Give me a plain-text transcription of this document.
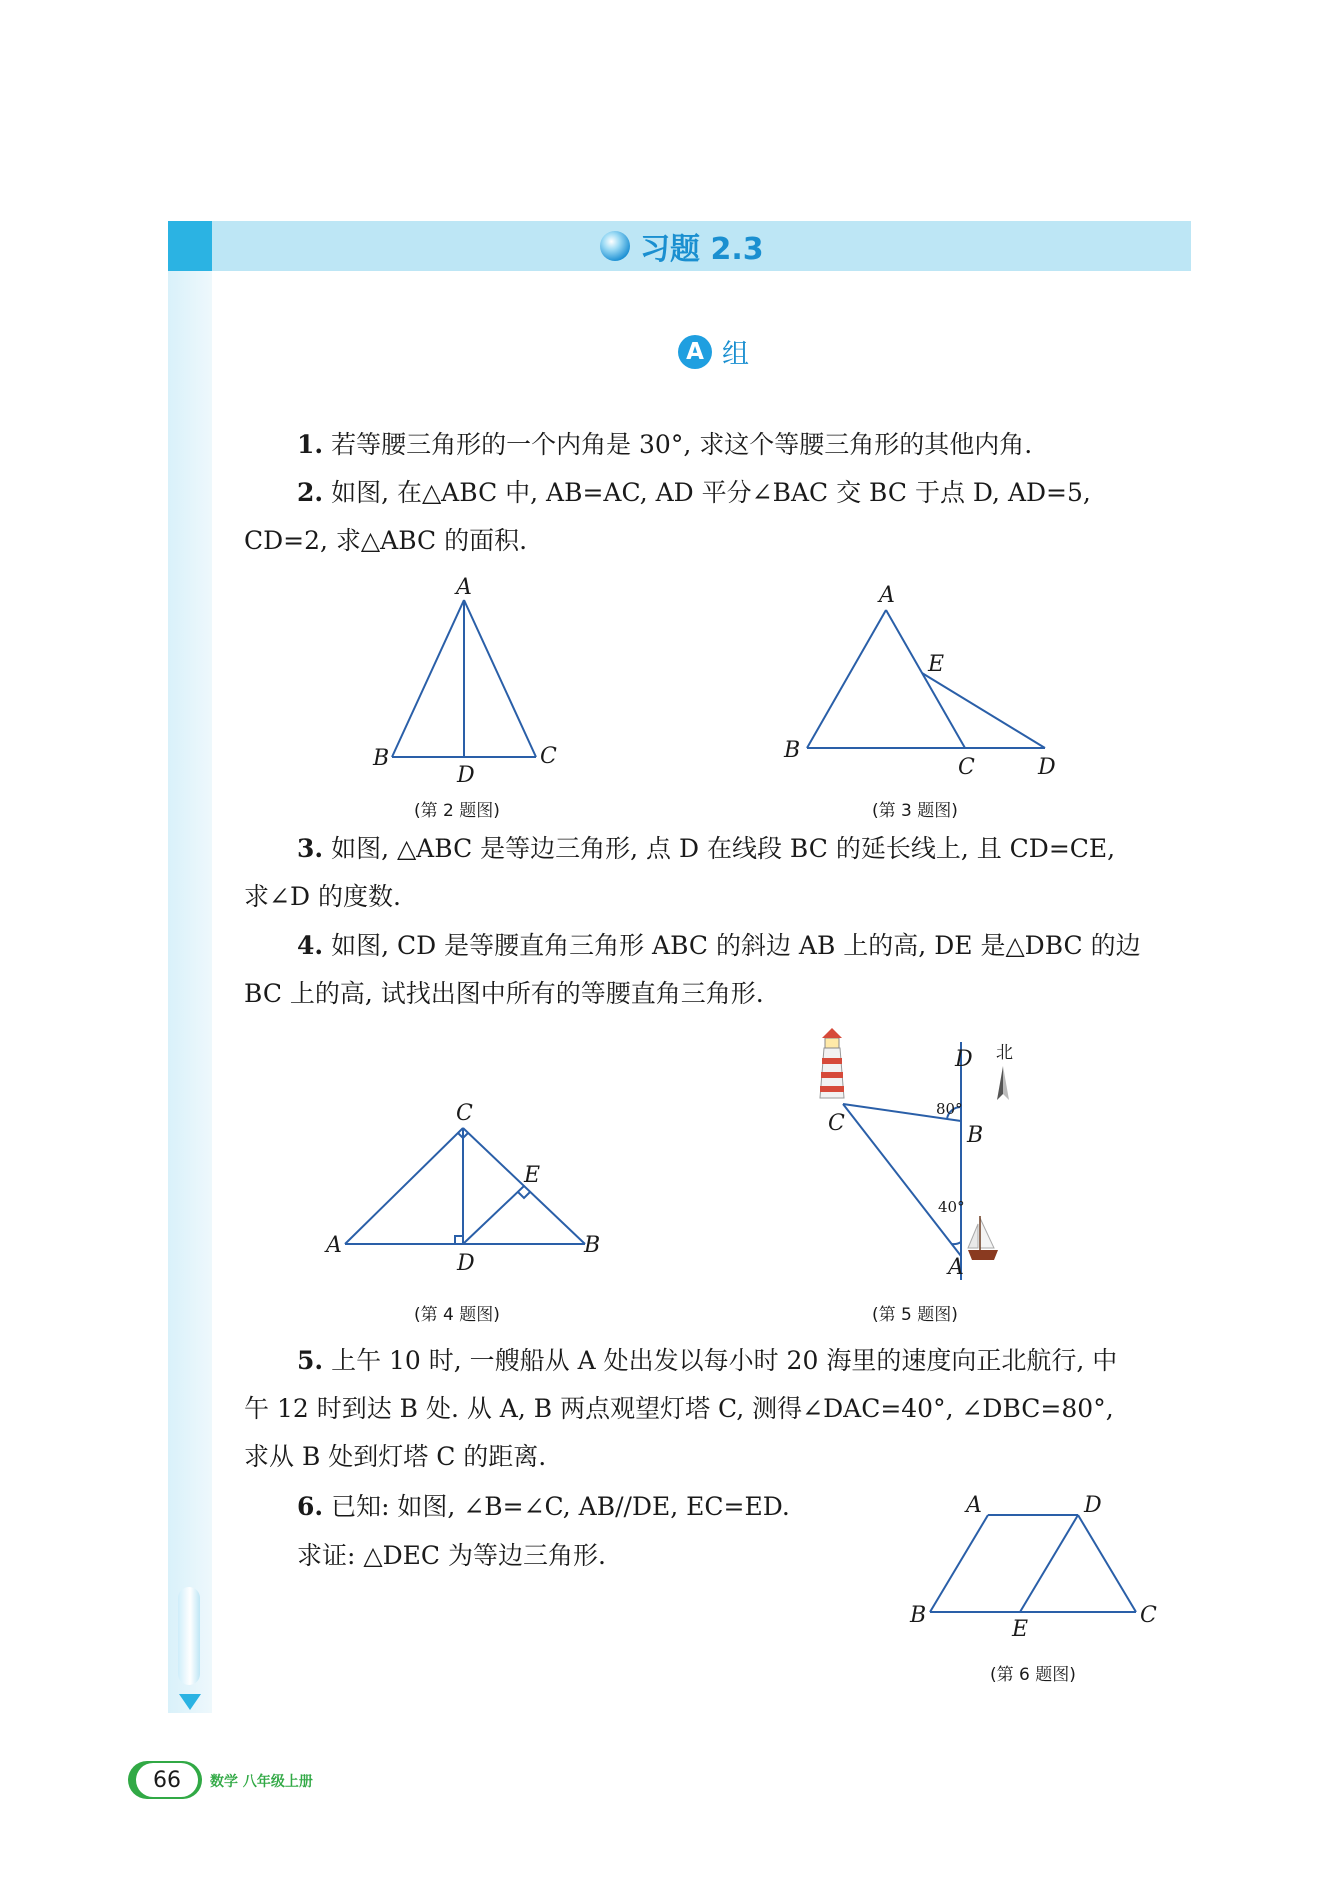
习题 2.3
A 组
1. 若等腰三角形的一个内角是 30°, 求这个等腰三角形的其他内角.
2. 如图, 在△ABC 中, AB=AC, AD 平分∠BAC 交 BC 于点 D, AD=5,
CD=2, 求△ABC 的面积.
A
B	C
D
(第 2 题图)
A
E
B
C	D
(第 3 题图)
3. 如图, △ABC 是等边三角形, 点 D 在线段 BC 的延长线上, 且 CD=CE,
求∠D 的度数.
4. 如图, CD 是等腰直角三角形 ABC 的斜边 AB 上的高, DE 是△DBC 的边
BC 上的高, 试找出图中所有的等腰直角三角形.
C
E
A
D
B
(第 4 题图)
北
D
C
80°
B
40°
A
(第 5 题图)
5. 上午 10 时, 一艘船从 A 处出发以每小时 20 海里的速度向正北航行, 中
午 12 时到达 B 处. 从 A, B 两点观望灯塔 C, 测得∠DAC=40°, ∠DBC=80°,
求从 B 处到灯塔 C 的距离.
6. 已知: 如图, ∠B=∠C, AB//DE, EC=ED.
求证: △DEC 为等边三角形.
A	D
B
E
C
(第 6 题图)
66	数学 八年级上册
